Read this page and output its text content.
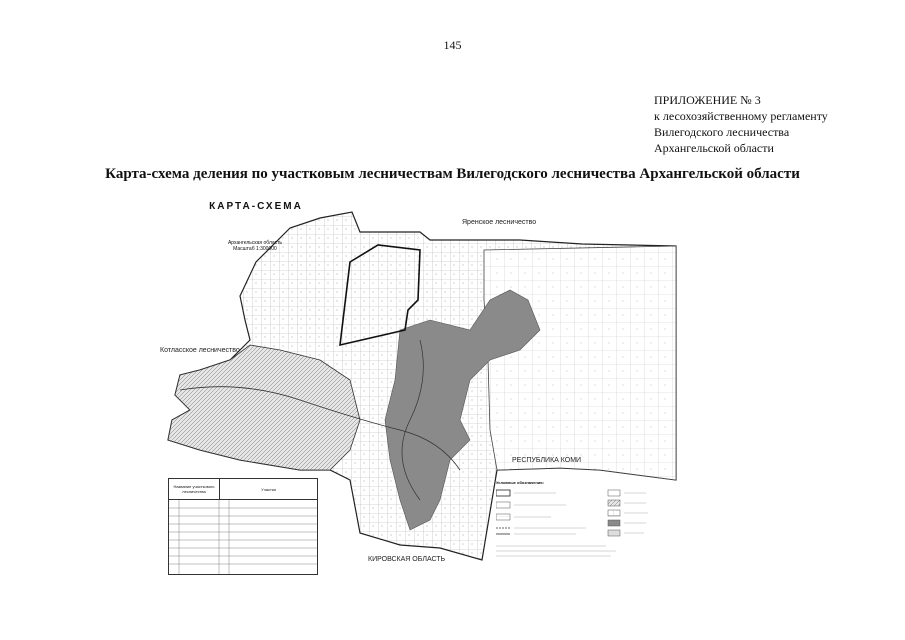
145
ПРИЛОЖЕНИЕ № 3
к лесохозяйственному регламенту
Вилегодского лесничества
Архангельской области
Карта-схема деления по участковым лесничествам Вилегодского лесничества Архангельской области
Яренское лесничество
Котласское лесничество
РЕСПУБЛИКА КОМИ
КИРОВСКАЯ ОБЛАСТЬ
КАРТА-СХЕМА
Архангельская область
Масштаб 1:300000
Название участкового лесничества	Участки
Условные обозначения:
